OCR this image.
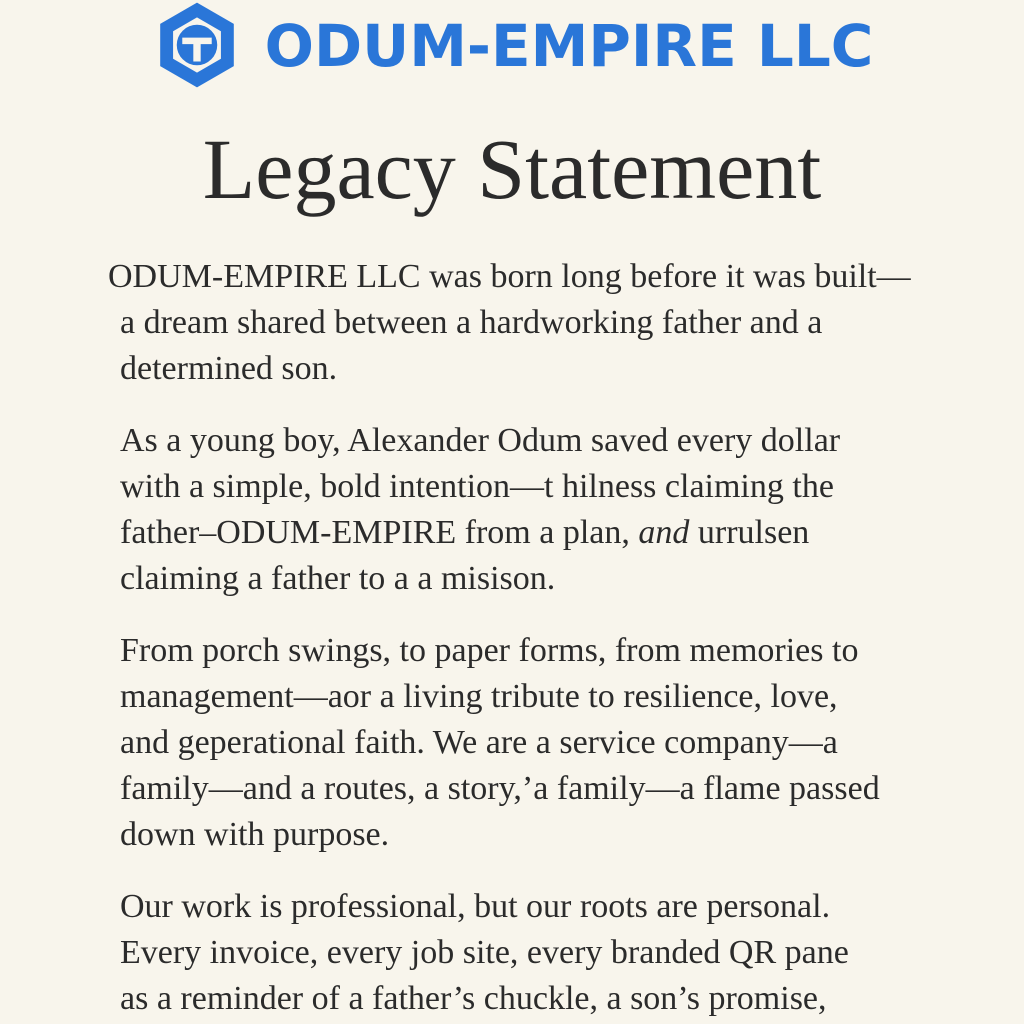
ODUM-EMPIRE LLC
Legacy Statement
ODUM-EMPIRE LLC was born long before it was built—
a dream shared between a hardworking father and a
determined son.
As a young boy, Alexander Odum saved every dollar
with a simple, bold intention—t hilness claiming the
father–ODUM-EMPIRE from a plan, and urrulsen
claiming a father to a a misison.
From porch swings, to paper forms, from memories to
management—aor a living tribute to resilience, love,
and geperational faith. We are a service company—a
family—and a routes, a story,’a family—a flame passed
down with purpose.
Our work is professional, but our roots are personal.
Every invoice, every job site, every branded QR pane
as a reminder of a father’s chuckle, a son’s promise,
